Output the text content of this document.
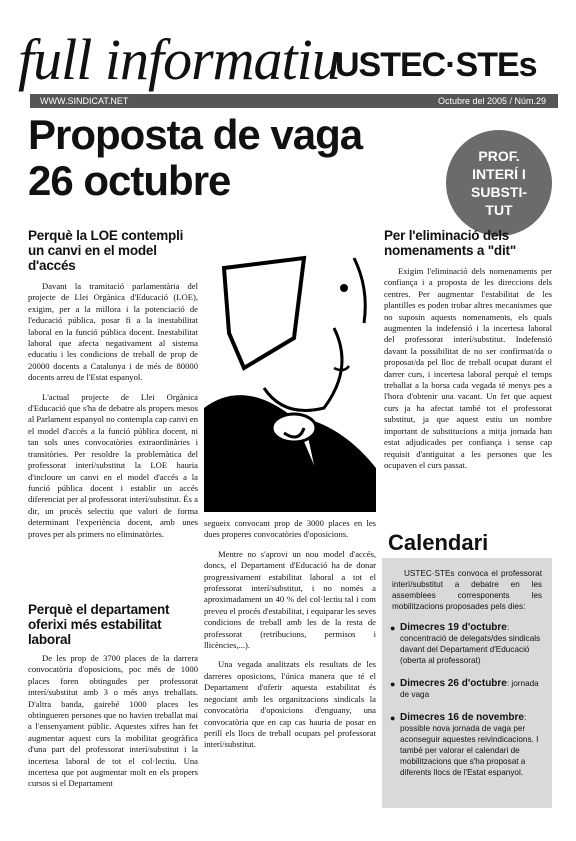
full informatiu
USTEC·STEs
WWW.SINDICAT.NET	Octubre del 2005 / Núm.29
Proposta de vaga
26 octubre
PROF. INTERÍ I SUBSTI- TUT
Perquè la LOE contempli un canvi en el model d'accés

Davant la tramitació parlamentària del projecte de Llei Orgànica d'Educació (LOE), exigim, per a la millora i la potenciació de l'educació pública, posar fi a la inestabilitat laboral en la funció pública docent. Inestabilitat laboral que afecta negativament al sistema educatiu i les condicions de treball de prop de 20000 docents a Catalunya i de més de 80000 docents arreu de l'Estat espanyol.

L'actual projecte de Llei Orgànica d'Educació que s'ha de debatre als propers mesos al Parlament espanyol no contempla cap canvi en el model d'accés a la funció pública docent, ni tan sols unes convocatòries extraordinàries i transitòries. Per resoldre la problemàtica del professorat interí/substitut la LOE hauria d'incloure un canvi en el model d'accés a la funció pública docent i establir un accés diferenciat per al professorat interí/substitut. És a dir, un procés selectiu que valori de forma determinant l'experiència docent, amb unes proves per als primers no eliminatòries.

Perquè el departament oferixi més estabilitat laboral

De les prop de 3700 places de la darrera convocatòria d'oposicions, poc més de 1000 places foren obtingudes per professorat interí/substitut amb 3 o més anys treballats. D'altra banda, gairebé 1000 places les obtingueren persones que no havien treballat mai a l'ensenyament públic. Aquestes xifres han fet augmentar aquest curs la mobilitat geogràfica d'una part del professorat interí/substitut i la incertesa laboral de tot el col·lectiu. Una incertesa que pot augmentar molt en els propers cursos si el Departament

segueix convocant prop de 3000 places en les dues properes convocatòries d'oposicions.

Mentre no s'aprovi un nou model d'accés, doncs, el Departament d'Educació ha de donar progressivament estabilitat laboral a tot el professorat interí/substitut, i no només a aproximadament un 40 % del col·lectiu tal i com preveu el procés d'estabilitat, i equiparar les seves condicions de treball amb les de la resta de professorat (retribucions, permisos i llicències,...).

Una vegada analitzats els resultats de les darreres oposicions, l'única manera que té el Departament d'oferir aquesta estabilitat és negociant amb les organitzacions sindicals la convocatòria d'oposicions d'enguany, una convocatòria que en cap cas hauria de posar en perill els llocs de treball ocupats pel professorat interí/substitut.

Per l'eliminació dels nomenaments a "dit"

Exigim l'eliminació dels nomenaments per confiança i a proposta de les direccions dels centres. Per augmentar l'estabilitat de les plantilles es poden trobar altres mecanismes que no suposin aquests nomenaments, els quals augmenten la indefensió i la incertesa laboral del professorat interí/substitut. Indefensió davant la possibilitat de no ser confirmat/da o proposat/da pel lloc de treball ocupat durant el darrer curs, i incertesa laboral perquè el temps treballat a la borsa cada vegada té menys pes a l'hora d'obtenir una vacant. Un fet que aquest curs ja ha afectat també tot el professorat substitut, ja que aquest estiu un nombre important de substitucions a mitja jornada han estat adjudicades per confiança i sense cap requisit d'antiguitat a les persones que les ocupaven el curs passat.

Calendari

USTEC·STEs convoca el professorat interí/substitut a debatre en les assemblees corresponents les mobilitzacions proposades pels dies:

● Dimecres 19 d'octubre: concentració de delegats/des sindicals davant del Departament d'Educació (oberta al professorat)
● Dimecres 26 d'octubre: jornada de vaga
● Dimecres 16 de novembre: possible nova jornada de vaga per aconseguir aquestes reivindicacions. I també per valorar el calendari de mobilitzacions que s'ha proposat a diferents llocs de l'Estat espanyol.
